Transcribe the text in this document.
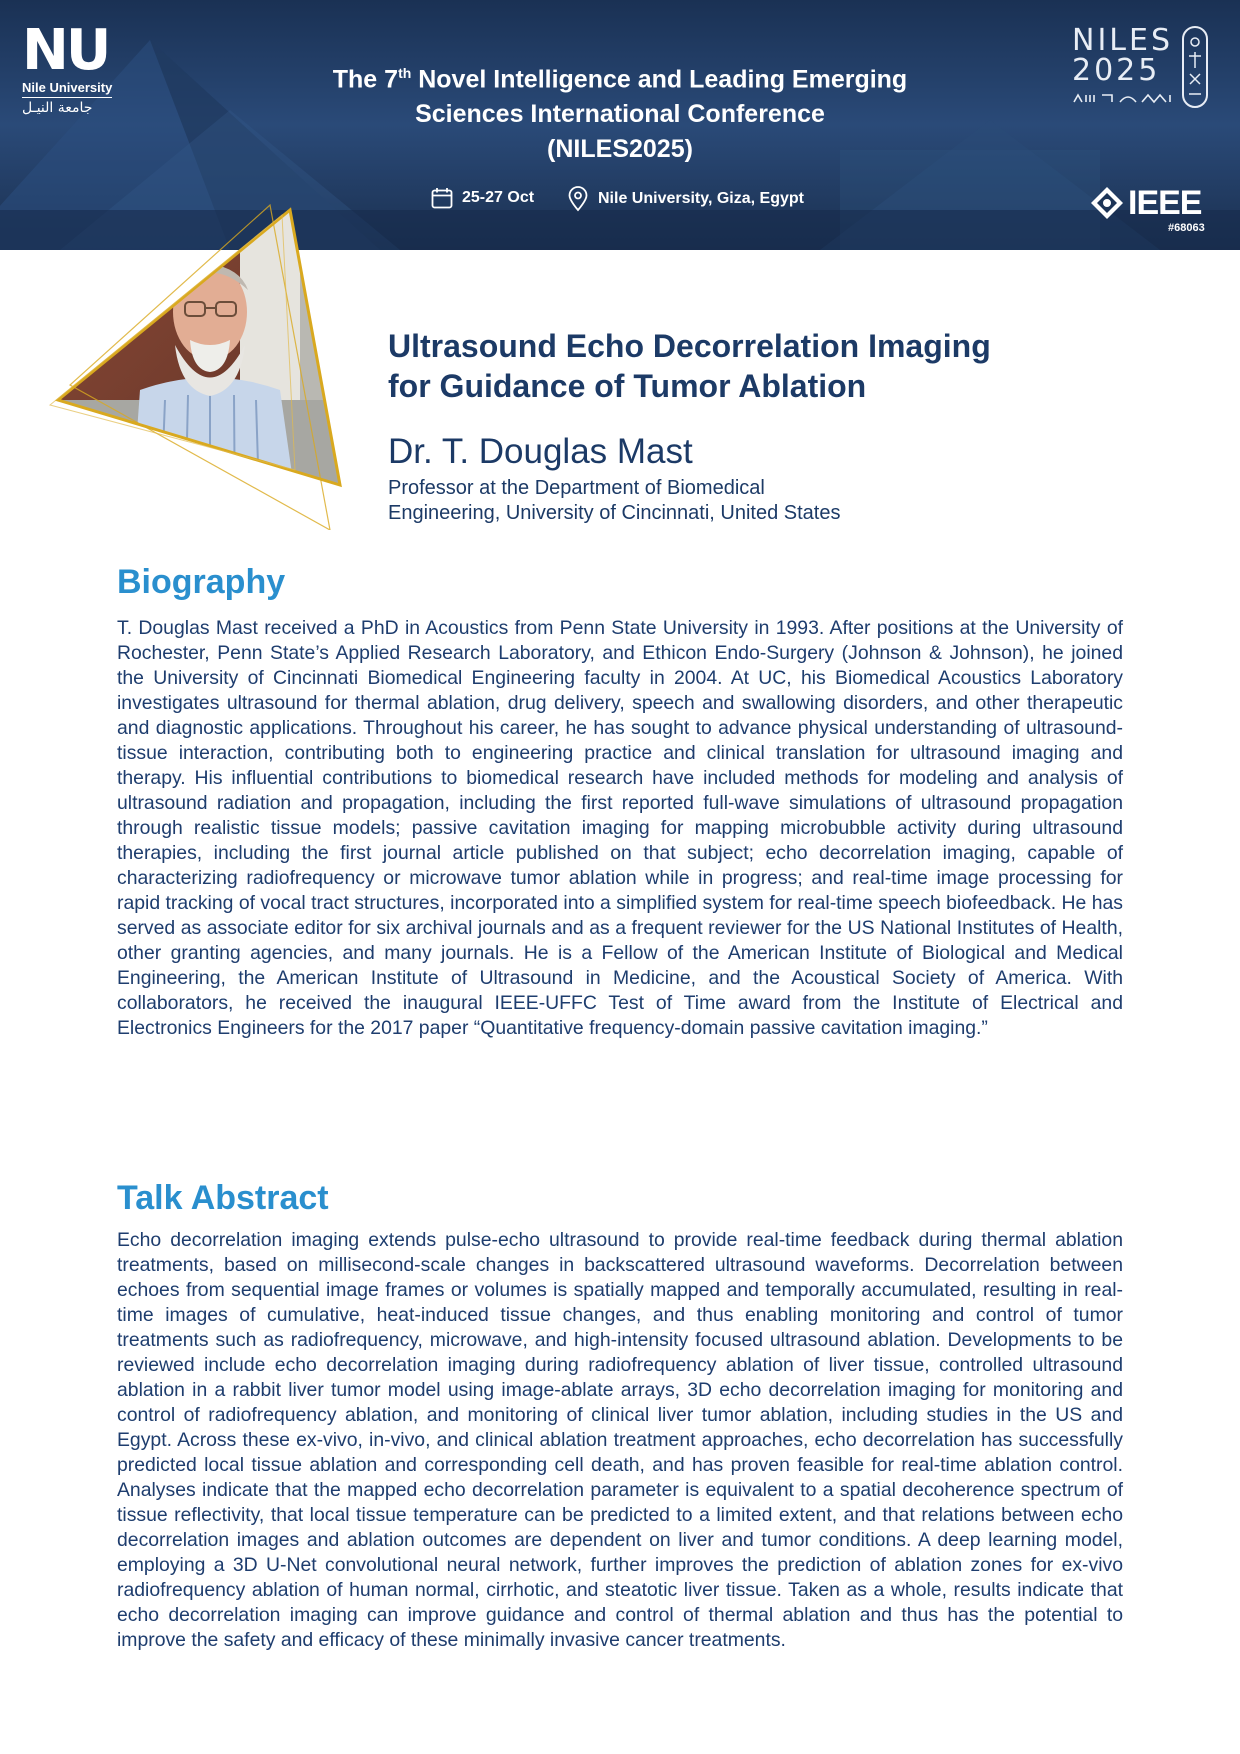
NU
Nile University
جامعة النيـل
The 7th Novel Intelligence and Leading Emerging
Sciences International Conference
(NILES2025)
25-27 Oct	Nile University, Giza, Egypt
NILES
2025
IEEE
#68063
Ultrasound Echo Decorrelation Imaging
for Guidance of Tumor Ablation
Dr. T. Douglas Mast
Professor at the Department of Biomedical
Engineering, University of Cincinnati, United States
Biography
T. Douglas Mast received a PhD in Acoustics from Penn State University in 1993. After positions at the University of Rochester, Penn State’s Applied Research Laboratory, and Ethicon Endo-Surgery (Johnson & Johnson), he joined the University of Cincinnati Biomedical Engineering faculty in 2004. At UC, his Biomedical Acoustics Laboratory investigates ultrasound for thermal ablation, drug delivery, speech and swallowing disorders, and other therapeutic and diagnostic applications. Throughout his career, he has sought to advance physical understanding of ultrasound-tissue interaction, contributing both to engineering practice and clinical translation for ultrasound imaging and therapy. His influential contributions to biomedical research have included methods for modeling and analysis of ultrasound radiation and propagation, including the first reported full-wave simulations of ultrasound propagation through realistic tissue models; passive cavitation imaging for mapping microbubble activity during ultrasound therapies, including the first journal article published on that subject; echo decorrelation imaging, capable of characterizing radiofrequency or microwave tumor ablation while in progress; and real-time image processing for rapid tracking of vocal tract structures, incorporated into a simplified system for real-time speech biofeedback. He has served as associate editor for six archival journals and as a frequent reviewer for the US National Institutes of Health, other granting agencies, and many journals. He is a Fellow of the American Institute of Biological and Medical Engineering, the American Institute of Ultrasound in Medicine, and the Acoustical Society of America. With collaborators, he received the inaugural IEEE-UFFC Test of Time award from the Institute of Electrical and Electronics Engineers for the 2017 paper “Quantitative frequency-domain passive cavitation imaging.”
Talk Abstract
Echo decorrelation imaging extends pulse-echo ultrasound to provide real-time feedback during thermal ablation treatments, based on millisecond-scale changes in backscattered ultrasound waveforms. Decorrelation between echoes from sequential image frames or volumes is spatially mapped and temporally accumulated, resulting in real-time images of cumulative, heat-induced tissue changes, and thus enabling monitoring and control of tumor treatments such as radiofrequency, microwave, and high-intensity focused ultrasound ablation. Developments to be reviewed include echo decorrelation imaging during radiofrequency ablation of liver tissue, controlled ultrasound ablation in a rabbit liver tumor model using image-ablate arrays, 3D echo decorrelation imaging for monitoring and control of radiofrequency ablation, and monitoring of clinical liver tumor ablation, including studies in the US and Egypt. Across these ex-vivo, in-vivo, and clinical ablation treatment approaches, echo decorrelation has successfully predicted local tissue ablation and corresponding cell death, and has proven feasible for real-time ablation control. Analyses indicate that the mapped echo decorrelation parameter is equivalent to a spatial decoherence spectrum of tissue reflectivity, that local tissue temperature can be predicted to a limited extent, and that relations between echo decorrelation images and ablation outcomes are dependent on liver and tumor conditions. A deep learning model, employing a 3D U-Net convolutional neural network, further improves the prediction of ablation zones for ex-vivo radiofrequency ablation of human normal, cirrhotic, and steatotic liver tissue. Taken as a whole, results indicate that echo decorrelation imaging can improve guidance and control of thermal ablation and thus has the potential to improve the safety and efficacy of these minimally invasive cancer treatments.
